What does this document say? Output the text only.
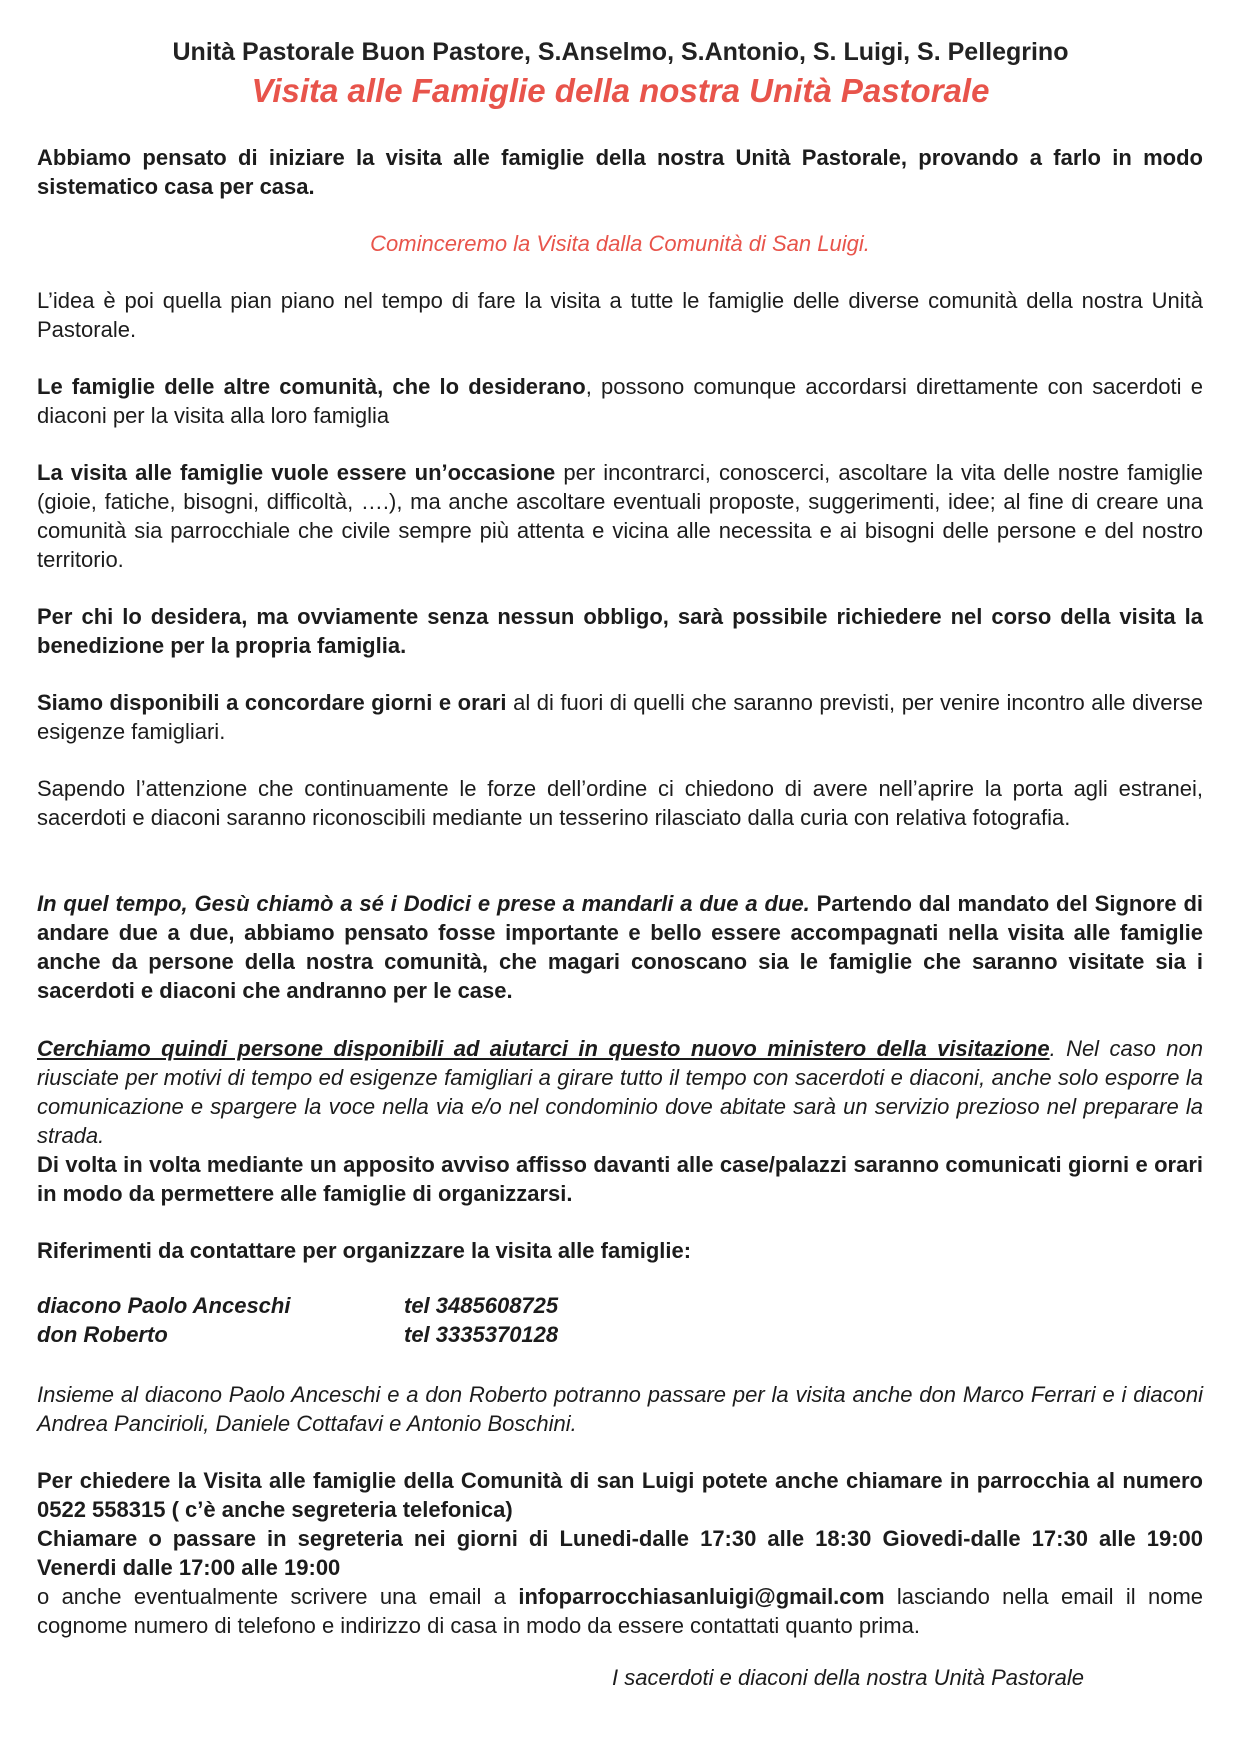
Unità Pastorale Buon Pastore, S.Anselmo, S.Antonio, S. Luigi, S. Pellegrino
Visita alle Famiglie della nostra Unità Pastorale
Abbiamo pensato di iniziare la visita alle famiglie della nostra Unità Pastorale, provando a farlo in modo sistematico casa per casa.
Cominceremo la Visita dalla Comunità di San Luigi.
L’idea è poi quella pian piano nel tempo di fare la visita a tutte le famiglie delle diverse comunità della nostra Unità Pastorale.
Le famiglie delle altre comunità, che lo desiderano, possono comunque accordarsi direttamente con sacerdoti e diaconi per la visita alla loro famiglia
La visita alle famiglie vuole essere un’occasione per incontrarci, conoscerci, ascoltare la vita delle nostre famiglie (gioie, fatiche, bisogni, difficoltà, ….), ma anche ascoltare eventuali proposte, suggerimenti, idee; al fine di creare una comunità sia parrocchiale che civile sempre più attenta e vicina alle necessita e ai bisogni delle persone e del nostro territorio.
Per chi lo desidera, ma ovviamente senza nessun obbligo, sarà possibile richiedere nel corso della visita la benedizione per la propria famiglia.
Siamo disponibili a concordare giorni e orari al di fuori di quelli che saranno previsti, per venire incontro alle diverse esigenze famigliari.
Sapendo l’attenzione che continuamente le forze dell’ordine ci chiedono di avere nell’aprire la porta agli estranei, sacerdoti e diaconi saranno riconoscibili mediante un tesserino rilasciato dalla curia con relativa fotografia.
In quel tempo, Gesù chiamò a sé i Dodici e prese a mandarli a due a due. Partendo dal mandato del Signore di andare due a due, abbiamo pensato fosse importante e bello essere accompagnati nella visita alle famiglie anche da persone della nostra comunità, che magari conoscano sia le famiglie che saranno visitate sia i sacerdoti e diaconi che andranno per le case.
Cerchiamo quindi persone disponibili ad aiutarci in questo nuovo ministero della visitazione. Nel caso non riusciate per motivi di tempo ed esigenze famigliari a girare tutto il tempo con sacerdoti e diaconi, anche solo esporre la comunicazione e spargere la voce nella via e/o nel condominio dove abitate sarà un servizio prezioso nel preparare la strada.
Di volta in volta mediante un apposito avviso affisso davanti alle case/palazzi saranno comunicati giorni e orari in modo da permettere alle famiglie di organizzarsi.
Riferimenti da contattare per organizzare la visita alle famiglie:
diacono Paolo Anceschi	tel 3485608725
don Roberto	tel 3335370128
Insieme al diacono Paolo Anceschi e a don Roberto potranno passare per la visita anche don Marco Ferrari e i diaconi Andrea Pancirioli, Daniele Cottafavi e Antonio Boschini.
Per chiedere la Visita alle famiglie della Comunità di san Luigi potete anche chiamare in parrocchia al numero 0522 558315 ( c’è anche segreteria telefonica)
Chiamare o passare in segreteria nei giorni di Lunedi-dalle 17:30 alle 18:30 Giovedi-dalle 17:30 alle 19:00 Venerdi dalle 17:00 alle 19:00
o anche eventualmente scrivere una email a infoparrocchiasanluigi@gmail.com lasciando nella email il nome cognome numero di telefono e indirizzo di casa in modo da essere contattati quanto prima.
I sacerdoti e diaconi della nostra Unità Pastorale
